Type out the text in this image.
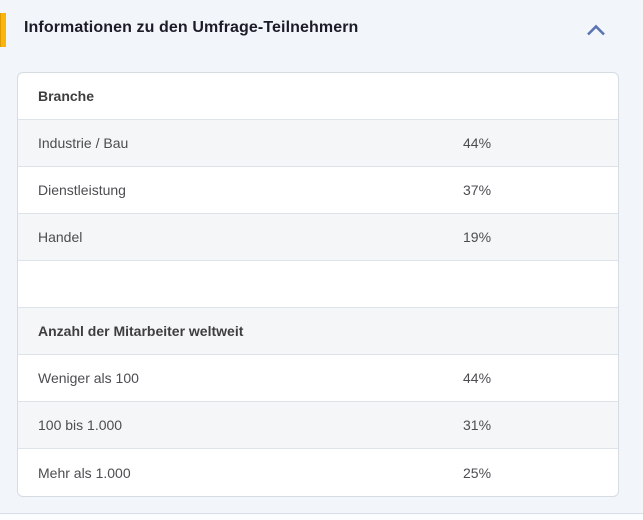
Informationen zu den Umfrage-Teilnehmern
Branche
Industrie / Bau	44%
Dienstleistung	37%
Handel	19%
Anzahl der Mitarbeiter weltweit
Weniger als 100	44%
100 bis 1.000	31%
Mehr als 1.000	25%
